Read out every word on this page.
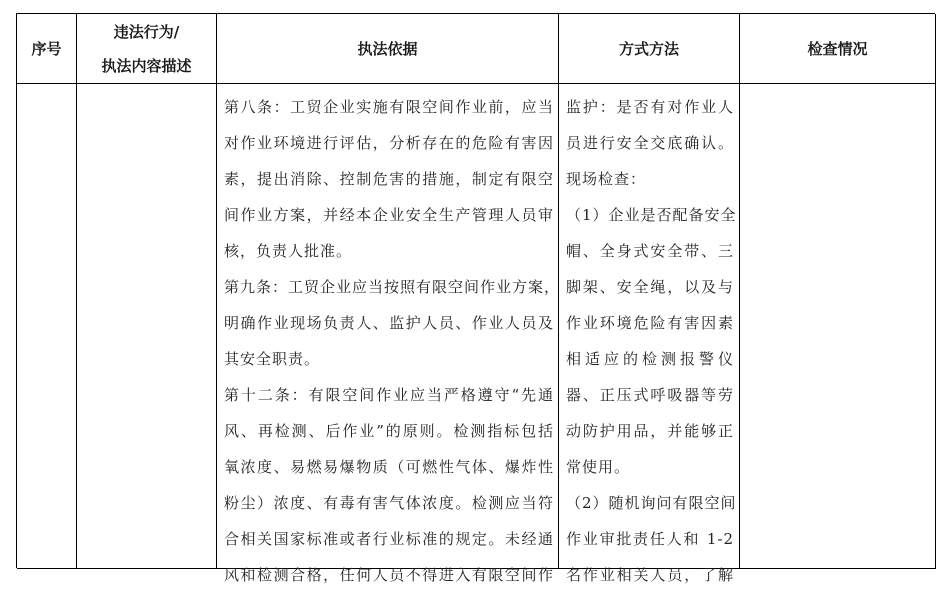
序号
违法行为/
执法内容描述
执法依据	方式方法	检查情况
第八条：工贸企业实施有限空间作业前，应当
对作业环境进行评估，分析存在的危险有害因
素，提出消除、控制危害的措施，制定有限空
间作业方案，并经本企业安全生产管理人员审
核，负责人批准。
第九条：工贸企业应当按照有限空间作业方案，
明确作业现场负责人、监护人员、作业人员及
其安全职责。
第十二条：有限空间作业应当严格遵守“先通
风、再检测、后作业”的原则。检测指标包括
氧浓度、易燃易爆物质（可燃性气体、爆炸性
粉尘）浓度、有毒有害气体浓度。检测应当符
合相关国家标准或者行业标准的规定。未经通
风和检测合格，任何人员不得进入有限空间作
监护：是否有对作业人
员进行安全交底确认。
现场检查：
（1）企业是否配备安全
帽、全身式安全带、三
脚架、安全绳，以及与
作业环境危险有害因素
相适应的检测报警仪
器、正压式呼吸器等劳
动防护用品，并能够正
常使用。
（2）随机询问有限空间
作业审批责任人和 1-2
名作业相关人员，了解
